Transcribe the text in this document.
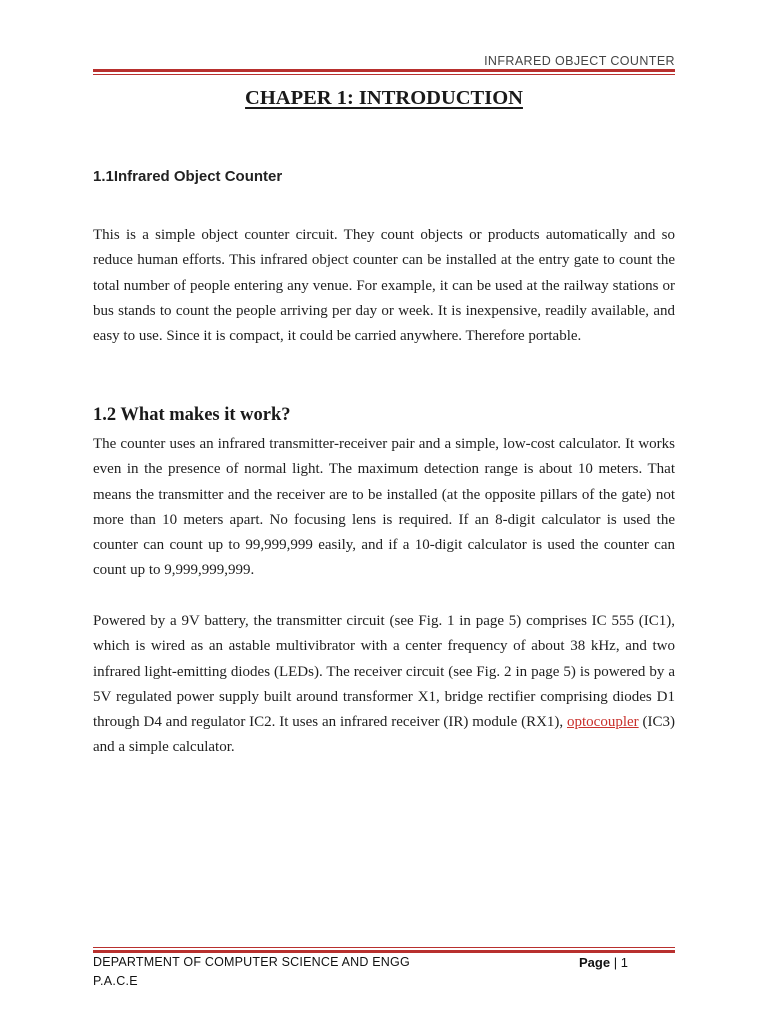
INFRARED OBJECT COUNTER
CHAPER 1: INTRODUCTION
1.1Infrared Object Counter

This is a simple object counter circuit. They count objects or products automatically and so reduce human efforts. This infrared object counter can be installed at the entry gate to count the total number of people entering any venue. For example, it can be used at the railway stations or bus stands to count the people arriving per day or week. It is inexpensive, readily available, and easy to use. Since it is compact, it could be carried anywhere. Therefore portable.

1.2 What makes it work?

The counter uses an infrared transmitter-receiver pair and a simple, low-cost calculator. It works even in the presence of normal light. The maximum detection range is about 10 meters. That means the transmitter and the receiver are to be installed (at the opposite pillars of the gate) not more than 10 meters apart. No focusing lens is required. If an 8-digit calculator is used the counter can count up to 99,999,999 easily, and if a 10-digit calculator is used the counter can count up to 9,999,999,999.

Powered by a 9V battery, the transmitter circuit (see Fig. 1 in page 5) comprises IC 555 (IC1), which is wired as an astable multivibrator with a center frequency of about 38 kHz, and two infrared light-emitting diodes (LEDs). The receiver circuit (see Fig. 2 in page 5) is powered by a 5V regulated power supply built around transformer X1, bridge rectifier comprising diodes D1 through D4 and regulator IC2. It uses an infrared receiver (IR) module (RX1), optocoupler (IC3) and a simple calculator.

DEPARTMENT OF COMPUTER SCIENCE AND ENGG
P.A.C.E
Page | 1
